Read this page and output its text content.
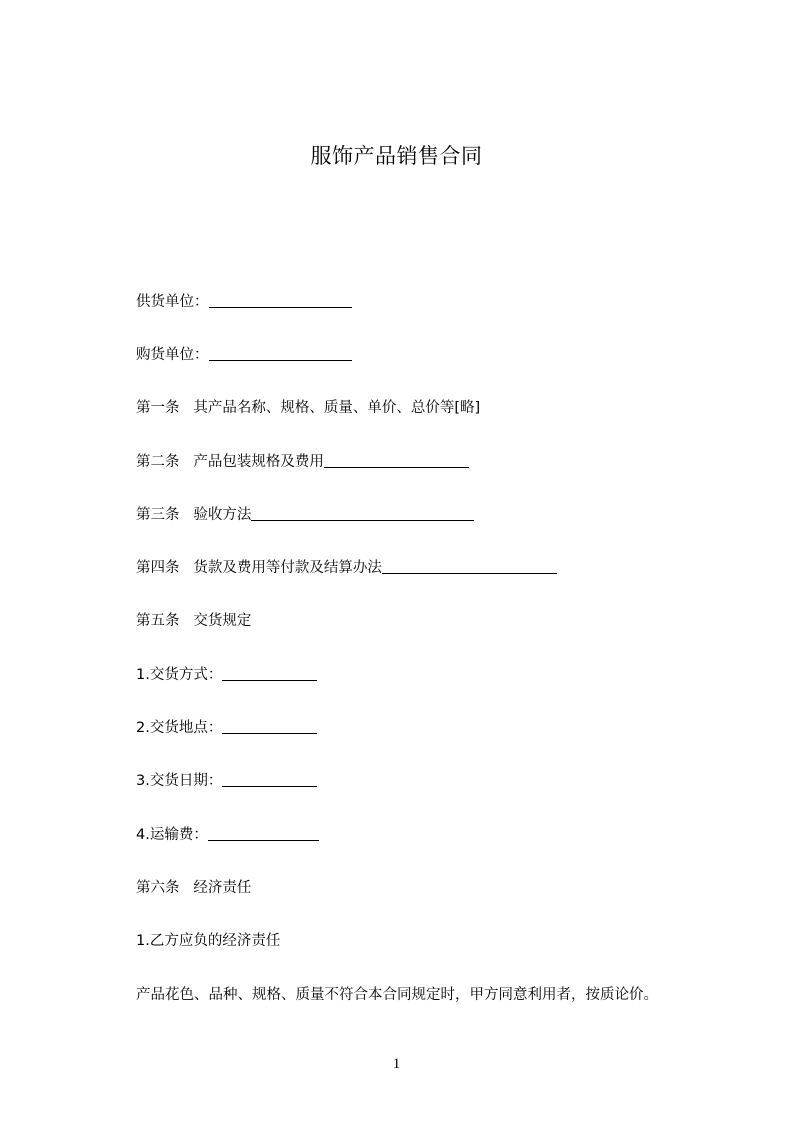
服饰产品销售合同
供货单位：
购货单位：
第一条 其产品名称、规格、质量、单价、总价等[略]
第二条 产品包装规格及费用
第三条 验收方法
第四条 货款及费用等付款及结算办法
第五条 交货规定
1.交货方式：
2.交货地点：
3.交货日期：
4.运输费：
第六条 经济责任
1.乙方应负的经济责任
产品花色、品种、规格、质量不符合本合同规定时，甲方同意利用者，按质论价。
1
